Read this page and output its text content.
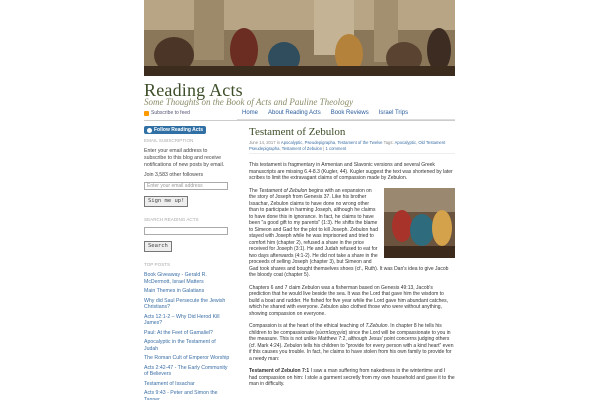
Reading Acts
Some Thoughts on the Book of Acts and Pauline Theology
Subscribe to feed	Home	About Reading Acts	Book Reviews	Israel Trips
Follow Reading Acts
EMAIL SUBSCRIPTION
Enter your email address to subscribe to this blog and receive notifications of new posts by email.
Join 3,583 other followers
Enter your email address
Sign me up!
SEARCH READING ACTS
Search
TOP POSTS
Book Giveaway - Gerald R. McDermott, Israel Matters
Main Themes in Galatians
Why did Saul Persecute the Jewish Christians?
Acts 12:1-2 – Why Did Herod Kill James?
Paul: At the Feet of Gamaliel?
Apocalyptic in the Testament of Judah
The Roman Cult of Emperor Worship
Acts 2:42-47 - The Early Community of Believers
Testament of Issachar
Acts 9:43 - Peter and Simon the Tanner
Testament of Zebulon
June 14, 2017 in Apocalyptic, Pseudepigrapha, Testament of the Twelve Tags: Apocalyptic, Old Testament Pseudepigrapha, Testament of Zebulon | 1 comment

This testament is fragmentary in Armenian and Slavonic versions and several Greek manuscripts are missing 6.4-8.3 (Kugler, 44). Kugler suggest the text was shortened by later scribes to limit the extravagant claims of compassion made by Zebulon.

The Testament of Zebulon begins with an expansion on the story of Joseph from Genesis 37. Like his brother Issachar, Zebulon claims to have done no wrong other than to participate in harming Joseph, although he claims to have done this in ignorance. In fact, he claims to have been "a good gift to my parents" (1:3). He shifts the blame to Simeon and Gad for the plot to kill Joseph. Zebulon had stayed with Joseph while he was imprisoned and tried to comfort him (chapter 2), refused a share in the price received for Joseph (3:1). He and Judah refused to eat for two days afterwards (4:1-2). He did not take a share in the proceeds of selling Joseph (chapter 3), but Simeon and Gad took shares and bought themselves shoes (cf., Ruth). It was Dan's idea to give Jacob the bloody coat (chapter 5).

Chapters 6 and 7 claim Zebulon was a fisherman based on Genesis 49:13, Jacob's prediction that he would live beside the sea. It was the Lord that gave him the wisdom to build a boat and rudder. He fished for five year while the Lord gave him abundant catches, which he shared with everyone. Zebulon also clothed those who were without anything, showing compassion on everyone.

Compassion is at the heart of the ethical teaching of T.Zebulon. In chapter 8 he tells his children to be compassionate (εὐσπλαγχνία) since the Lord will be compassionate to you in the measure. This is not unlike Matthew 7:2, although Jesus' point concerns judging others (cf. Mark 4:24). Zebulon tells his children to "provide for every person with a kind heart" even if this causes you trouble. In fact, he claims to have stolen from his own family to provide for a needy man:

Testament of Zebulon 7:1 I saw a man suffering from nakedness in the wintertime and I had compassion on him: I stole a garment secretly from my own household and gave it to the man in difficulty.
